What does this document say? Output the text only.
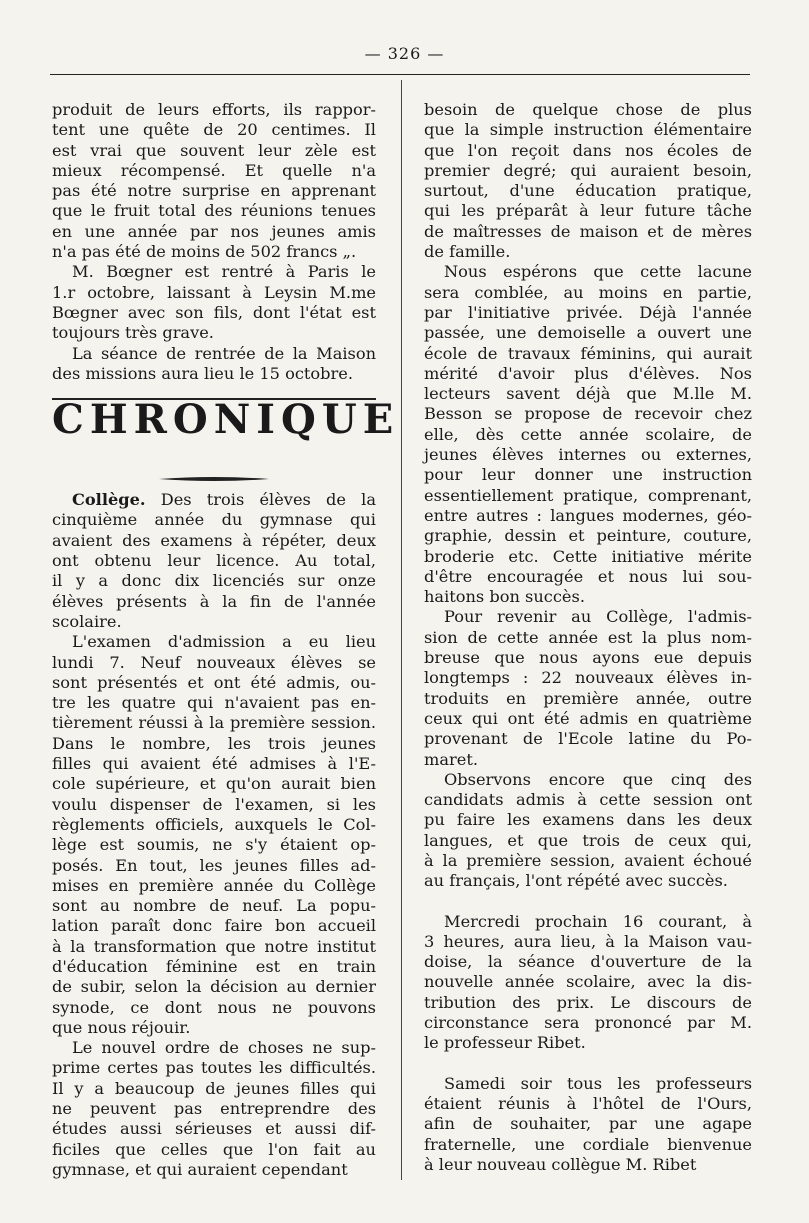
— 326 —
produit de leurs efforts, ils rappor-
tent une quête de 20 centimes. Il
est vrai que souvent leur zèle est
mieux récompensé. Et quelle n'a
pas été notre surprise en apprenant
que le fruit total des réunions tenues
en une année par nos jeunes amis
n'a pas été de moins de 502 francs „.
M. Bœgner est rentré à Paris le
1.r octobre, laissant à Leysin M.me
Bœgner avec son fils, dont l'état est
toujours très grave.
La séance de rentrée de la Maison
des missions aura lieu le 15 octobre.
CHRONIQUE
Collège. Des trois élèves de la
cinquième année du gymnase qui
avaient des examens à répéter, deux
ont obtenu leur licence. Au total,
il y a donc dix licenciés sur onze
élèves présents à la fin de l'année
scolaire.
L'examen d'admission a eu lieu
lundi 7. Neuf nouveaux élèves se
sont présentés et ont été admis, ou-
tre les quatre qui n'avaient pas en-
tièrement réussi à la première session.
Dans le nombre, les trois jeunes
filles qui avaient été admises à l'E-
cole supérieure, et qu'on aurait bien
voulu dispenser de l'examen, si les
règlements officiels, auxquels le Col-
lège est soumis, ne s'y étaient op-
posés. En tout, les jeunes filles ad-
mises en première année du Collège
sont au nombre de neuf. La popu-
lation paraît donc faire bon accueil
à la transformation que notre institut
d'éducation féminine est en train
de subir, selon la décision au dernier
synode, ce dont nous ne pouvons
que nous réjouir.
Le nouvel ordre de choses ne sup-
prime certes pas toutes les difficultés.
Il y a beaucoup de jeunes filles qui
ne peuvent pas entreprendre des
études aussi sérieuses et aussi dif-
ficiles que celles que l'on fait au
gymnase, et qui auraient cependant
besoin de quelque chose de plus
que la simple instruction élémentaire
que l'on reçoit dans nos écoles de
premier degré; qui auraient besoin,
surtout, d'une éducation pratique,
qui les préparât à leur future tâche
de maîtresses de maison et de mères
de famille.
Nous espérons que cette lacune
sera comblée, au moins en partie,
par l'initiative privée. Déjà l'année
passée, une demoiselle a ouvert une
école de travaux féminins, qui aurait
mérité d'avoir plus d'élèves. Nos
lecteurs savent déjà que M.lle M.
Besson se propose de recevoir chez
elle, dès cette année scolaire, de
jeunes élèves internes ou externes,
pour leur donner une instruction
essentiellement pratique, comprenant,
entre autres : langues modernes, géo-
graphie, dessin et peinture, couture,
broderie etc. Cette initiative mérite
d'être encouragée et nous lui sou-
haitons bon succès.
Pour revenir au Collège, l'admis-
sion de cette année est la plus nom-
breuse que nous ayons eue depuis
longtemps : 22 nouveaux élèves in-
troduits en première année, outre
ceux qui ont été admis en quatrième
provenant de l'Ecole latine du Po-
maret.
Observons encore que cinq des
candidats admis à cette session ont
pu faire les examens dans les deux
langues, et que trois de ceux qui,
à la première session, avaient échoué
au français, l'ont répété avec succès.
Mercredi prochain 16 courant, à
3 heures, aura lieu, à la Maison vau-
doise, la séance d'ouverture de la
nouvelle année scolaire, avec la dis-
tribution des prix. Le discours de
circonstance sera prononcé par M.
le professeur Ribet.
Samedi soir tous les professeurs
étaient réunis à l'hôtel de l'Ours,
afin de souhaiter, par une agape
fraternelle, une cordiale bienvenue
à leur nouveau collègue M. Ribet
